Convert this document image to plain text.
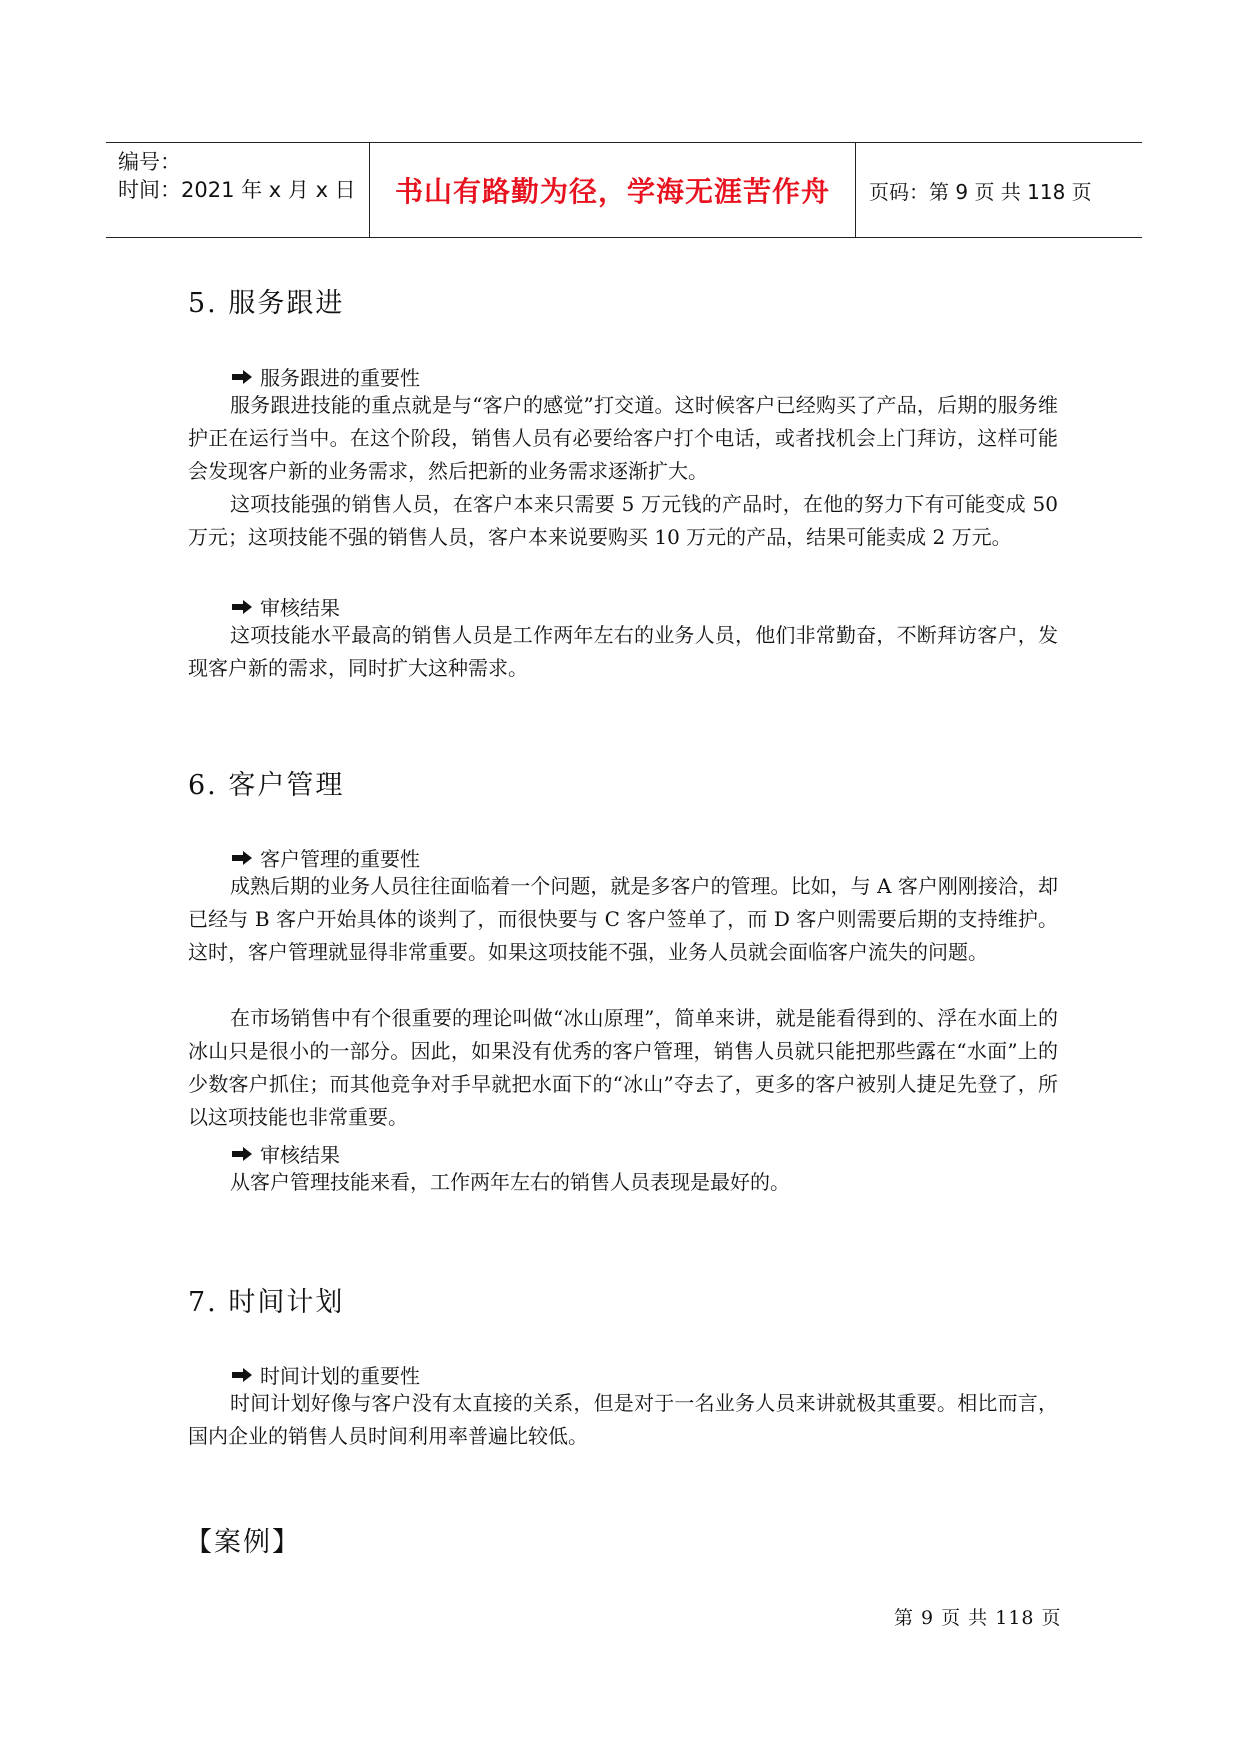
编号：
时间：2021 年 x 月 x 日 书山有路勤为径，学海无涯苦作舟 页码：第 9 页 共 118 页
5. 服务跟进
服务跟进的重要性

服务跟进技能的重点就是与“客户的感觉”打交道。这时候客户已经购买了产品，后期的服务维护正在运行当中。在这个阶段，销售人员有必要给客户打个电话，或者找机会上门拜访，这样可能会发现客户新的业务需求，然后把新的业务需求逐渐扩大。

这项技能强的销售人员，在客户本来只需要 5 万元钱的产品时，在他的努力下有可能变成 50 万元；这项技能不强的销售人员，客户本来说要购买 10 万元的产品，结果可能卖成 2 万元。

审核结果

这项技能水平最高的销售人员是工作两年左右的业务人员，他们非常勤奋，不断拜访客户，发现客户新的需求，同时扩大这种需求。

6. 客户管理
客户管理的重要性

成熟后期的业务人员往往面临着一个问题，就是多客户的管理。比如，与 A 客户刚刚接洽，却已经与 B 客户开始具体的谈判了，而很快要与 C 客户签单了，而 D 客户则需要后期的支持维护。这时，客户管理就显得非常重要。如果这项技能不强，业务人员就会面临客户流失的问题。

在市场销售中有个很重要的理论叫做“冰山原理”，简单来讲，就是能看得到的、浮在水面上的冰山只是很小的一部分。因此，如果没有优秀的客户管理，销售人员就只能把那些露在“水面”上的少数客户抓住；而其他竞争对手早就把水面下的“冰山”夺去了，更多的客户被别人捷足先登了，所以这项技能也非常重要。

审核结果

从客户管理技能来看，工作两年左右的销售人员表现是最好的。

7. 时间计划
时间计划的重要性

时间计划好像与客户没有太直接的关系，但是对于一名业务人员来讲就极其重要。相比而言，国内企业的销售人员时间利用率普遍比较低。

【案例】
第 9 页 共 118 页
